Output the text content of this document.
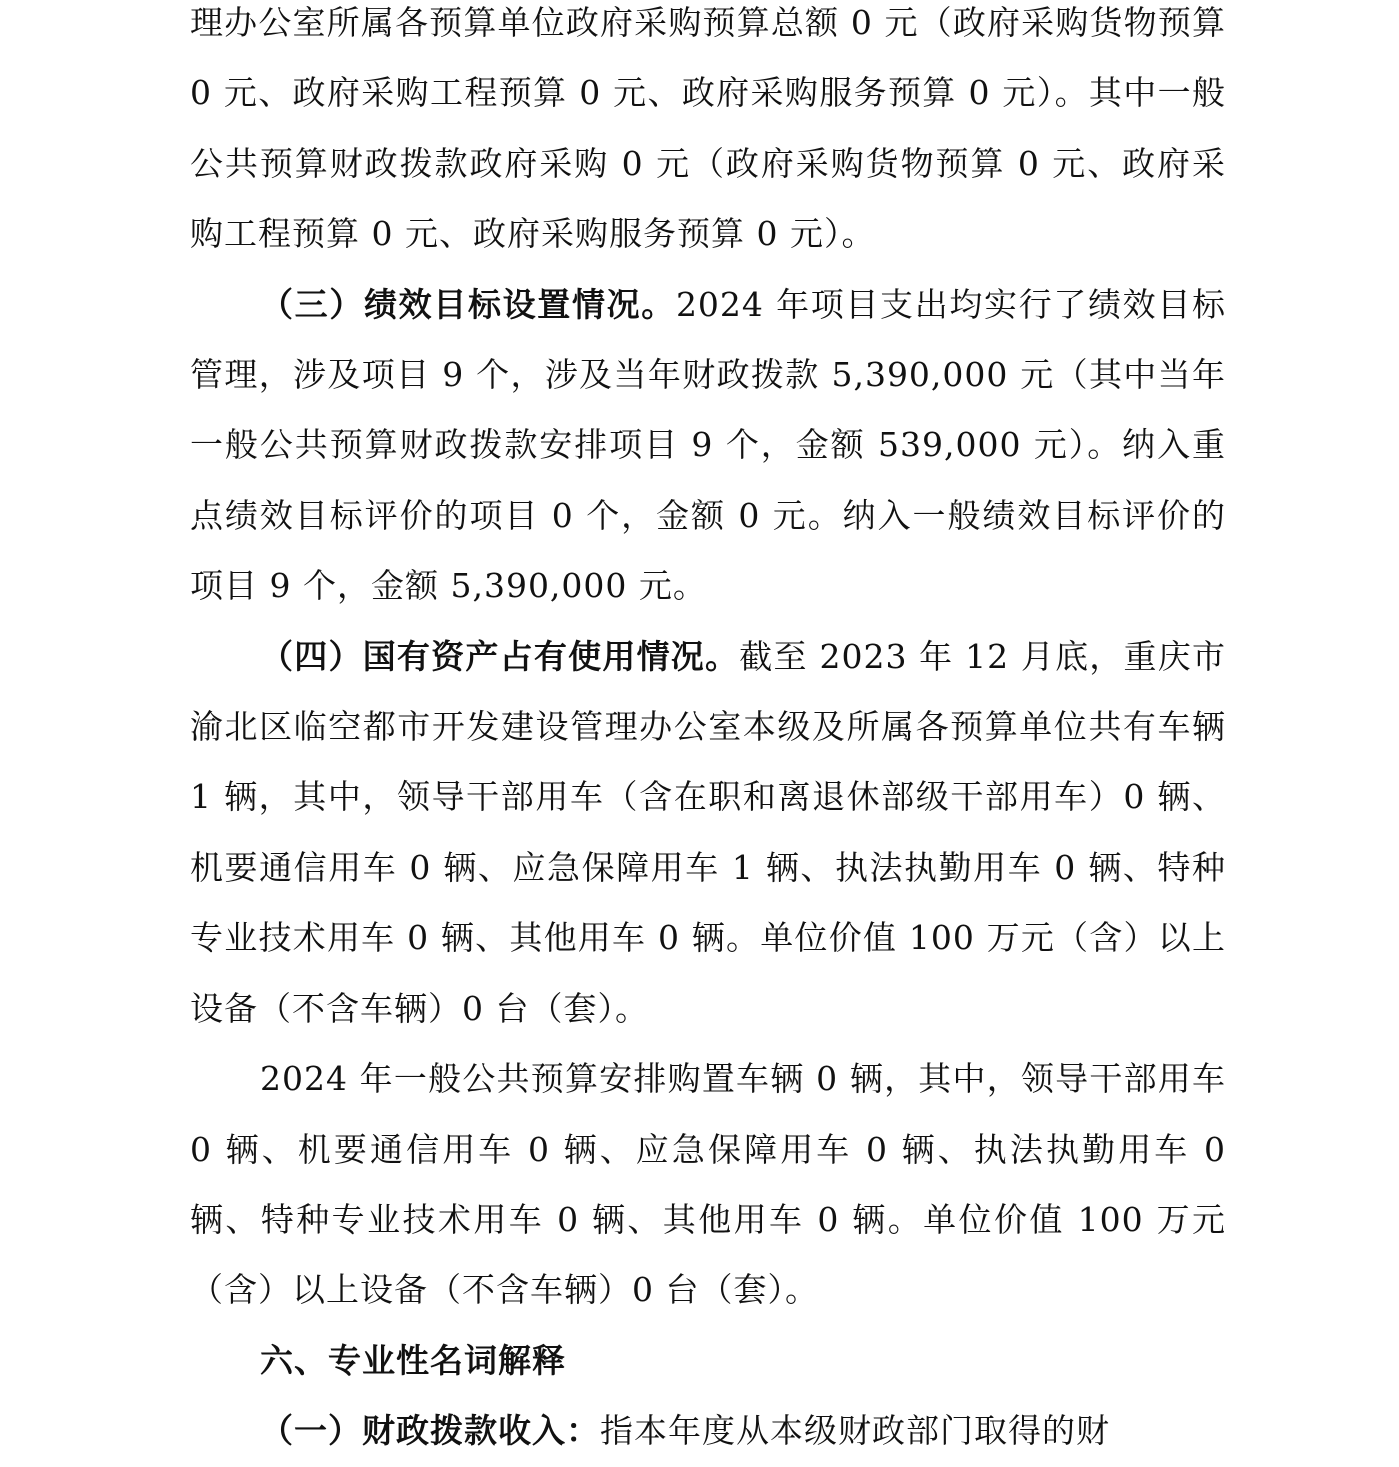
理办公室所属各预算单位政府采购预算总额 0 元（政府采购货物预算 0 元、政府采购工程预算 0 元、政府采购服务预算 0 元）。其中一般公共预算财政拨款政府采购 0 元（政府采购货物预算 0 元、政府采购工程预算 0 元、政府采购服务预算 0 元）。

（三）绩效目标设置情况。2024 年项目支出均实行了绩效目标管理，涉及项目 9 个，涉及当年财政拨款 5,390,000 元（其中当年一般公共预算财政拨款安排项目 9 个，金额 539,000 元）。纳入重点绩效目标评价的项目 0 个，金额 0 元。纳入一般绩效目标评价的项目 9 个，金额 5,390,000 元。

（四）国有资产占有使用情况。截至 2023 年 12 月底，重庆市渝北区临空都市开发建设管理办公室本级及所属各预算单位共有车辆 1 辆，其中，领导干部用车（含在职和离退休部级干部用车）0 辆、机要通信用车 0 辆、应急保障用车 1 辆、执法执勤用车 0 辆、特种专业技术用车 0 辆、其他用车 0 辆。单位价值 100 万元（含）以上设备（不含车辆）0 台（套）。

2024 年一般公共预算安排购置车辆 0 辆，其中，领导干部用车 0 辆、机要通信用车 0 辆、应急保障用车 0 辆、执法执勤用车 0 辆、特种专业技术用车 0 辆、其他用车 0 辆。单位价值 100 万元（含）以上设备（不含车辆）0 台（套）。

六、专业性名词解释

（一）财政拨款收入：指本年度从本级财政部门取得的财
